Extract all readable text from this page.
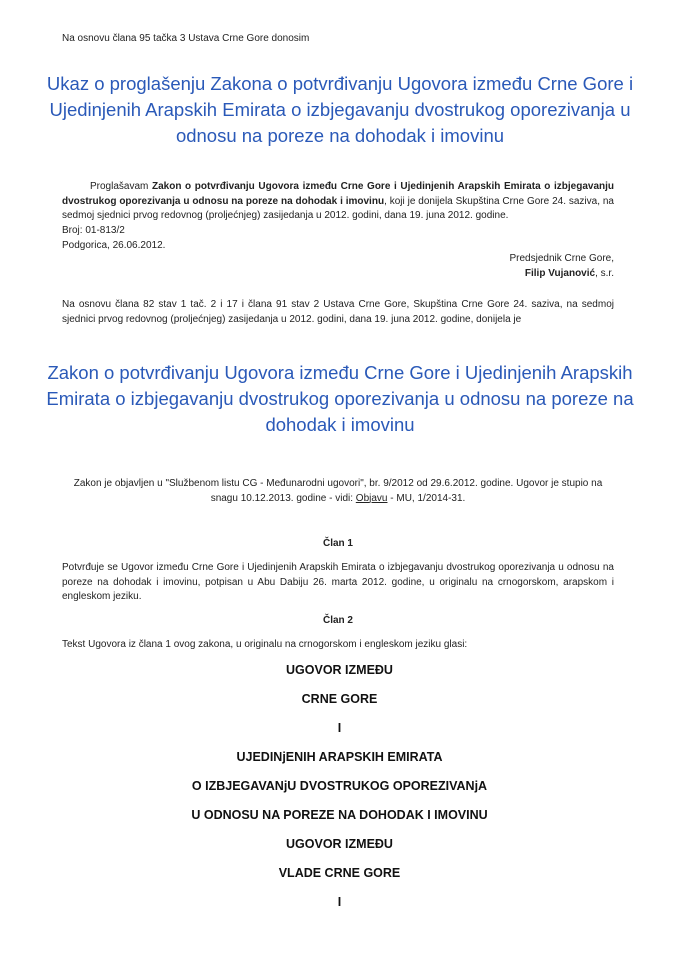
Na osnovu člana 95 tačka 3 Ustava Crne Gore donosim
Ukaz o proglašenju Zakona o potvrđivanju Ugovora između Crne Gore i Ujedinjenih Arapskih Emirata o izbjegavanju dvostrukog oporezivanja u odnosu na poreze na dohodak i imovinu
Proglašavam Zakon o potvrđivanju Ugovora između Crne Gore i Ujedinjenih Arapskih Emirata o izbjegavanju dvostrukog oporezivanja u odnosu na poreze na dohodak i imovinu, koji je donijela Skupština Crne Gore 24. saziva, na sedmoj sjednici prvog redovnog (proljećnjeg) zasijedanja u 2012. godini, dana 19. juna 2012. godine.
Broj: 01-813/2
Podgorica, 26.06.2012.
Predsjednik Crne Gore,
Filip Vujanović, s.r.
Na osnovu člana 82 stav 1 tač. 2 i 17 i člana 91 stav 2 Ustava Crne Gore, Skupština Crne Gore 24. saziva, na sedmoj sjednici prvog redovnog (proljećnjeg) zasijedanja u 2012. godini, dana 19. juna 2012. godine, donijela je
Zakon o potvrđivanju Ugovora između Crne Gore i Ujedinjenih Arapskih Emirata o izbjegavanju dvostrukog oporezivanja u odnosu na poreze na dohodak i imovinu
Zakon je objavljen u "Službenom listu CG - Međunarodni ugovori", br. 9/2012 od 29.6.2012. godine. Ugovor je stupio na snagu 10.12.2013. godine - vidi: Objavu - MU, 1/2014-31.
Član 1
Potvrđuje se Ugovor između Crne Gore i Ujedinjenih Arapskih Emirata o izbjegavanju dvostrukog oporezivanja u odnosu na poreze na dohodak i imovinu, potpisan u Abu Dabiju 26. marta 2012. godine, u originalu na crnogorskom, arapskom i engleskom jeziku.
Član 2
Tekst Ugovora iz člana 1 ovog zakona, u originalu na crnogorskom i engleskom jeziku glasi:
UGOVOR IZMEĐU
CRNE GORE
I
UJEDINjENIH ARAPSKIH EMIRATA
O IZBJEGAVANjU DVOSTRUKOG OPOREZIVANjA
U ODNOSU NA POREZE NA DOHODAK I IMOVINU
UGOVOR IZMEĐU
VLADE CRNE GORE
I
